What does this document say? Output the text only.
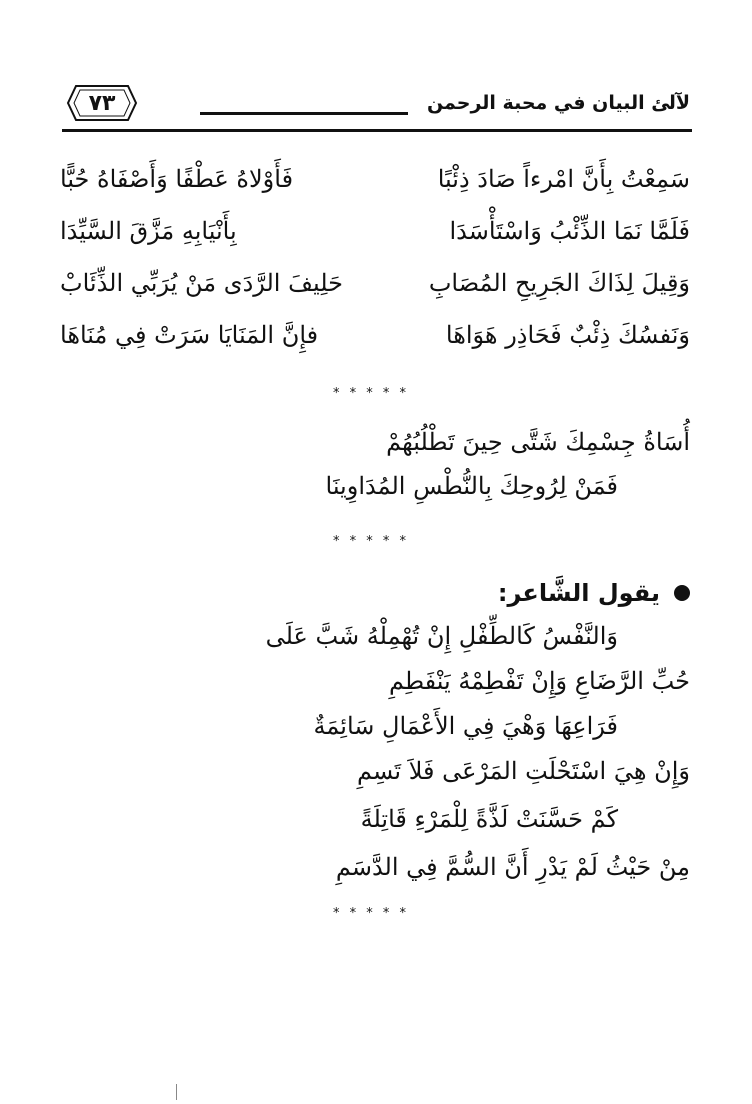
لآلئ البيان في محبة الرحمن
٧٣
سَمِعْتُ بِأَنَّ امْرءاً صَادَ ذِئْبًا
فَأَوْلاهُ عَطْفًا وَأَصْفَاهُ حُبًّا
فَلَمَّا نَمَا الذِّئْبُ وَاسْتَأْسَدَا
بِأَنْيَابِهِ مَزَّقَ السَّيِّدَا
وَقِيلَ لِذَاكَ الجَرِيحِ المُصَابِ
حَلِيفَ الرَّدَى مَنْ يُرَبِّي الذِّئَابْ
وَنَفسُكَ ذِئْبٌ فَحَاذِر هَوَاهَا
فإِنَّ المَنَايَا سَرَتْ فِي مُنَاهَا
* * * * *
أُسَاةُ جِسْمِكَ شَتَّى حِينَ تَطْلُبُهُمْ
فَمَنْ لِرُوحِكَ بِالنُّطْسِ المُدَاوِينَا
* * * * *
يقول الشَّاعر:
وَالنَّفْسُ كَالطِّفْلِ إِنْ تُهْمِلْهُ شَبَّ عَلَى
حُبِّ الرَّضَاعِ وَإِنْ تَفْطِمْهُ يَنْفَطِمِ
فَرَاعِهَا وَهْيَ فِي الأَعْمَالِ سَائِمَةٌ
وَإِنْ هِيَ اسْتَحْلَتِ المَرْعَى فَلاَ تَسِمِ
كَمْ حَسَّنَتْ لَذَّةً لِلْمَرْءِ قَاتِلَةً
مِنْ حَيْثُ لَمْ يَدْرِ أَنَّ السُّمَّ فِي الدَّسَمِ
* * * * *
